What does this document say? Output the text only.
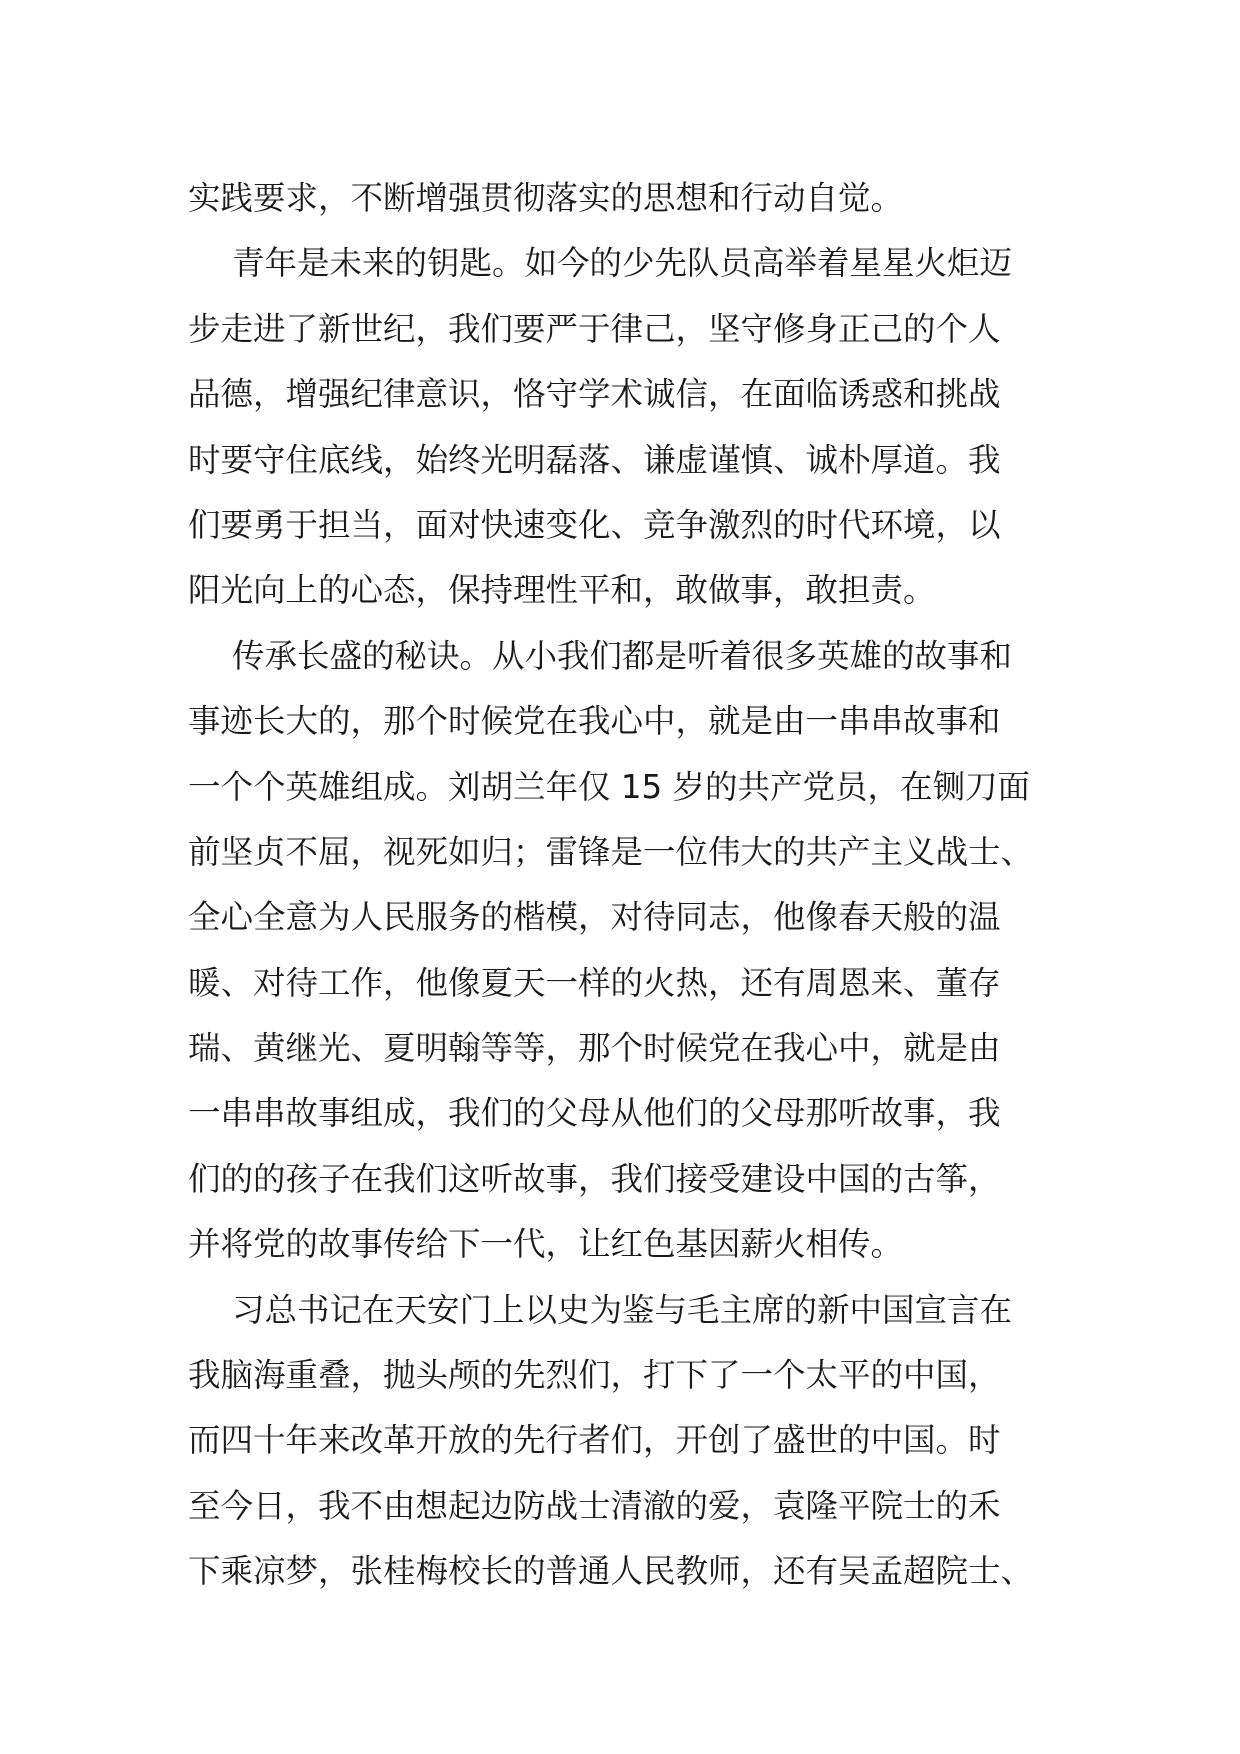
实践要求，不断增强贯彻落实的思想和行动自觉。
青年是未来的钥匙。如今的少先队员高举着星星火炬迈
步走进了新世纪，我们要严于律己，坚守修身正己的个人
品德，增强纪律意识，恪守学术诚信，在面临诱惑和挑战
时要守住底线，始终光明磊落、谦虚谨慎、诚朴厚道。我
们要勇于担当，面对快速变化、竞争激烈的时代环境，以
阳光向上的心态，保持理性平和，敢做事，敢担责。
传承长盛的秘诀。从小我们都是听着很多英雄的故事和
事迹长大的，那个时候党在我心中，就是由一串串故事和
一个个英雄组成。刘胡兰年仅 15 岁的共产党员，在铡刀面
前坚贞不屈，视死如归；雷锋是一位伟大的共产主义战士、
全心全意为人民服务的楷模，对待同志，他像春天般的温
暖、对待工作，他像夏天一样的火热，还有周恩来、董存
瑞、黄继光、夏明翰等等，那个时候党在我心中，就是由
一串串故事组成，我们的父母从他们的父母那听故事，我
们的的孩子在我们这听故事，我们接受建设中国的古筝，
并将党的故事传给下一代，让红色基因薪火相传。
习总书记在天安门上以史为鉴与毛主席的新中国宣言在
我脑海重叠，抛头颅的先烈们，打下了一个太平的中国，
而四十年来改革开放的先行者们，开创了盛世的中国。时
至今日，我不由想起边防战士清澈的爱，袁隆平院士的禾
下乘凉梦，张桂梅校长的普通人民教师，还有吴孟超院士、
